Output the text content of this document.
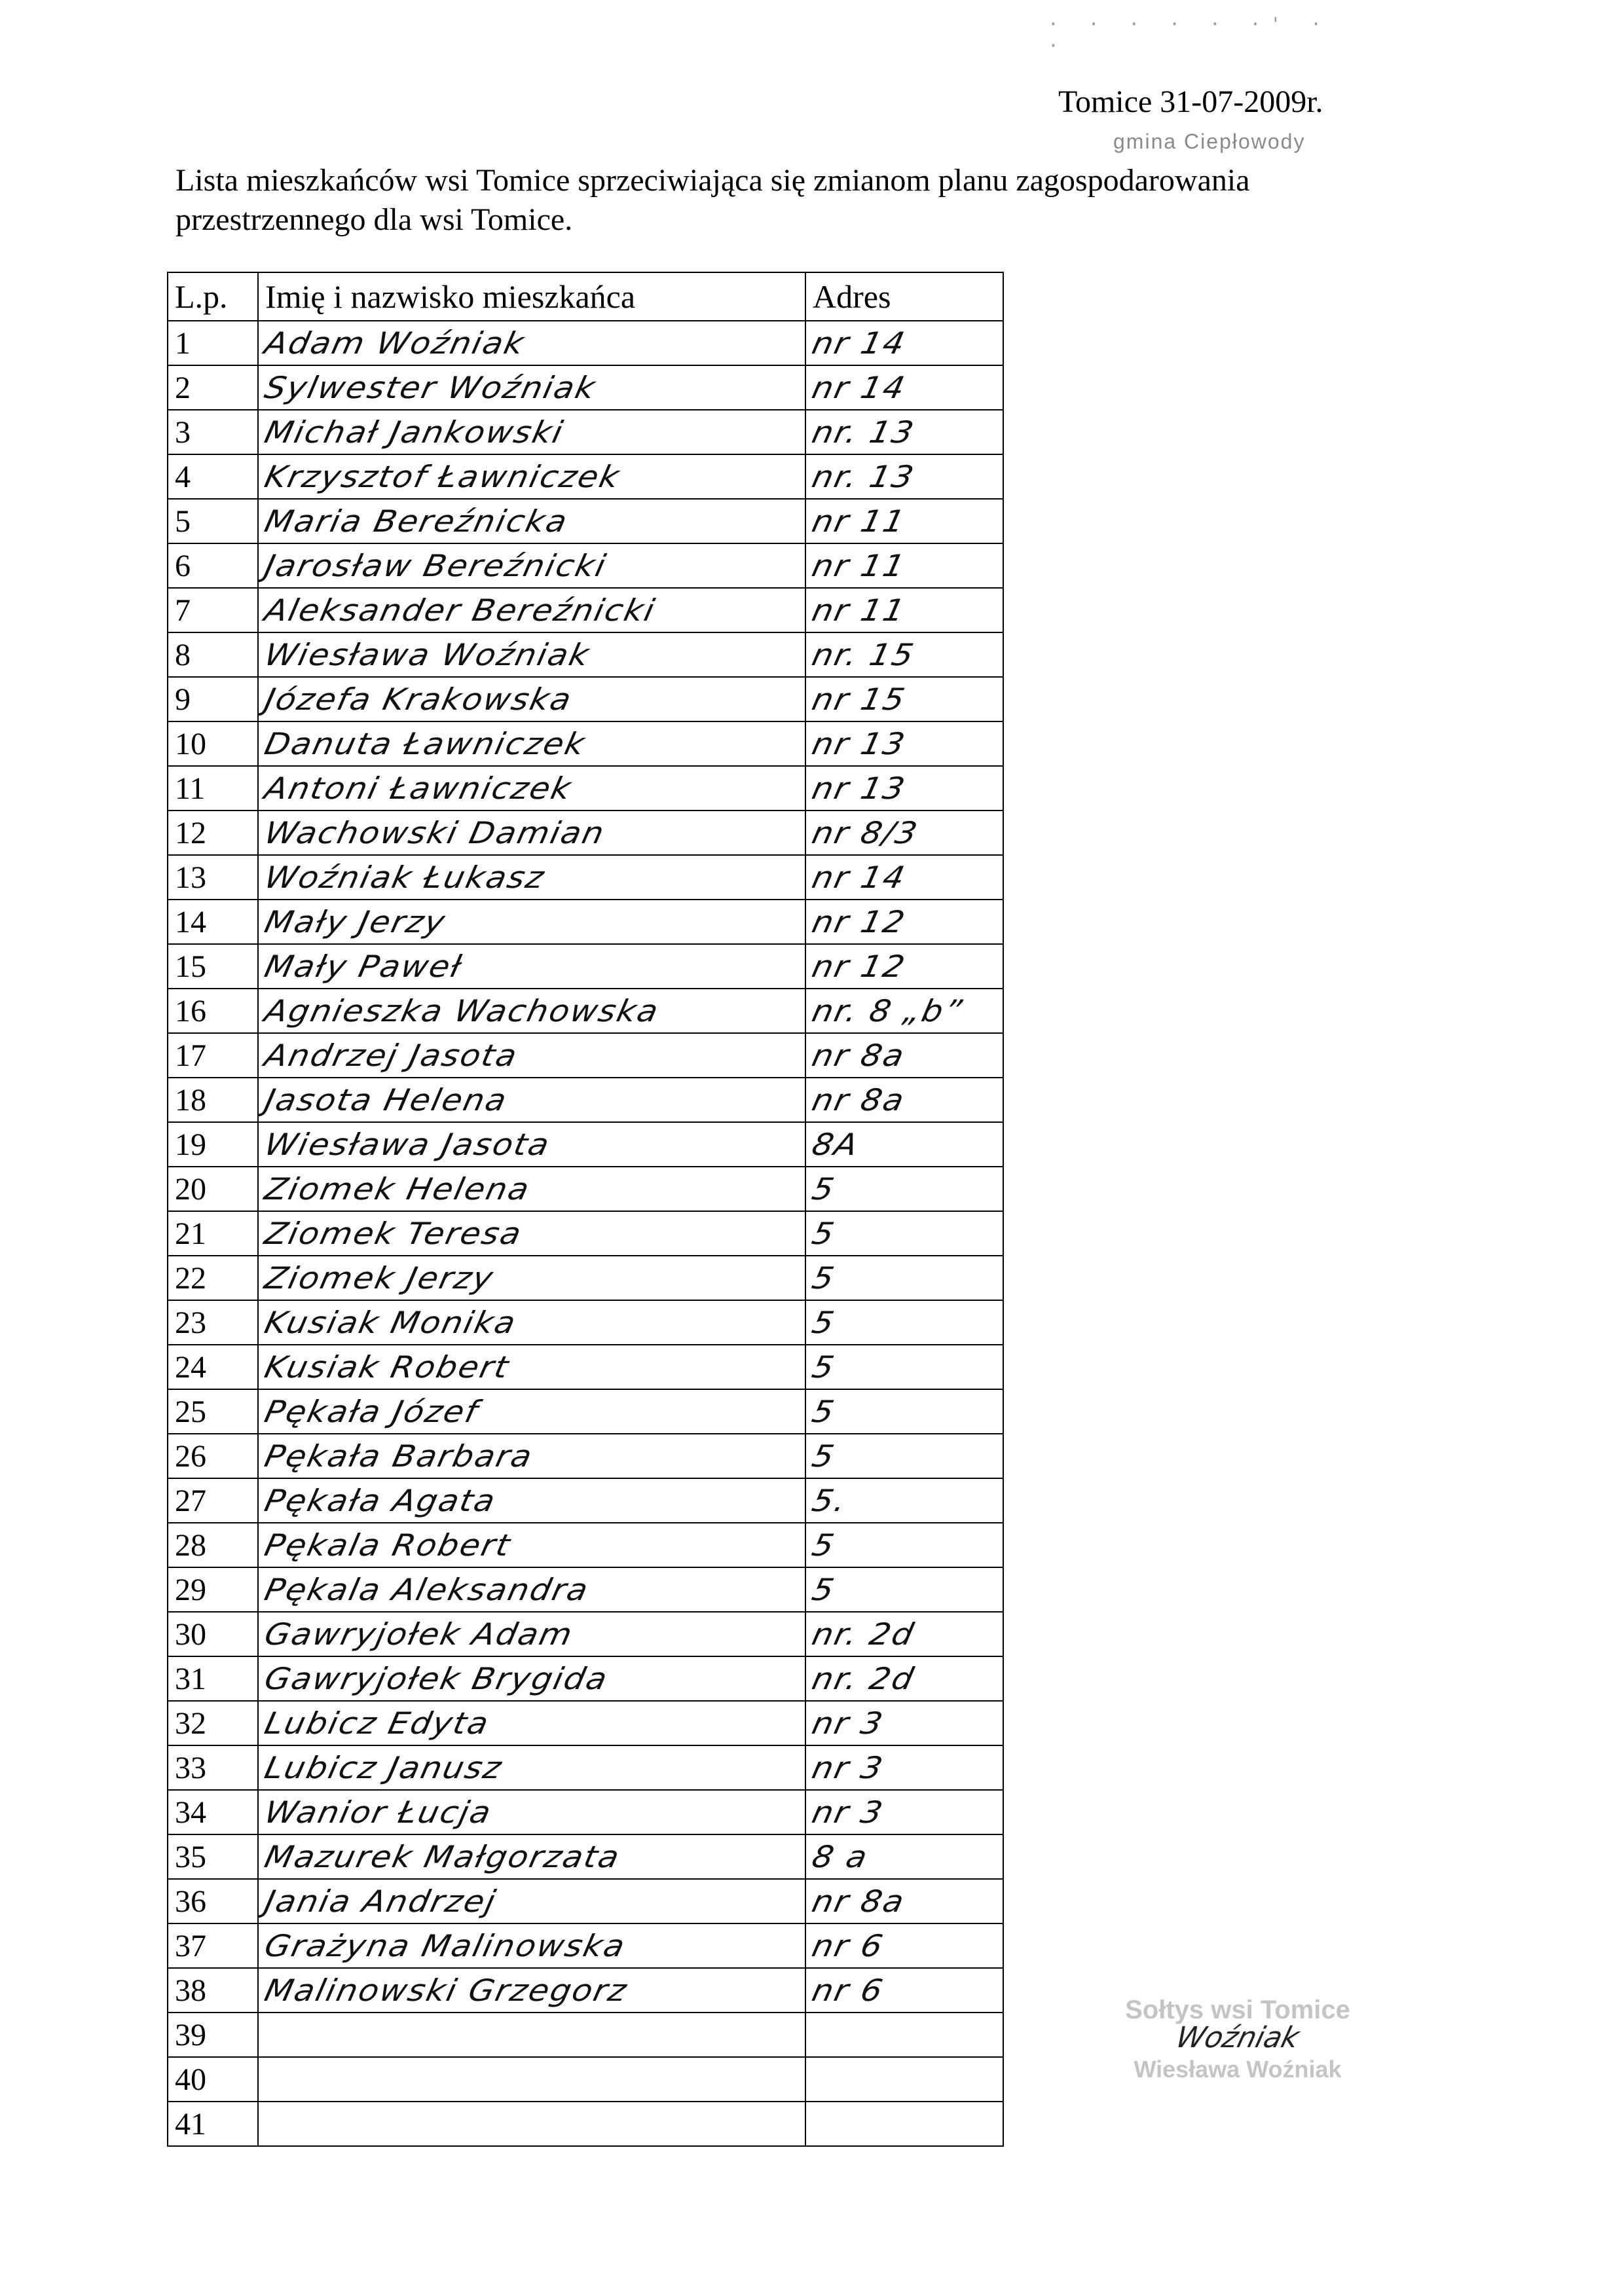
· · · · · ·' · ·
Tomice 31-07-2009r.
gmina Ciepłowody
Lista mieszkańców wsi Tomice sprzeciwiająca się zmianom planu zagospodarowania przestrzennego dla wsi Tomice.
L.p.	Imię i nazwisko mieszkańca	Adres
1	Adam Woźniak	nr 14
2	Sylwester Woźniak	nr 14
3	Michał Jankowski	nr. 13
4	Krzysztof Ławniczek	nr. 13
5	Maria Bereźnicka	nr 11
6	Jarosław Bereźnicki	nr 11
7	Aleksander Bereźnicki	nr 11
8	Wiesława Woźniak	nr. 15
9	Józefa Krakowska	nr 15
10	Danuta Ławniczek	nr 13
11	Antoni Ławniczek	nr 13
12	Wachowski Damian	nr 8/3
13	Woźniak Łukasz	nr 14
14	Mały Jerzy	nr 12
15	Mały Paweł	nr 12
16	Agnieszka Wachowska	nr. 8 „b”
17	Andrzej Jasota	nr 8a
18	Jasota Helena	nr 8a
19	Wiesława Jasota	8A
20	Ziomek Helena	5
21	Ziomek Teresa	5
22	Ziomek Jerzy	5
23	Kusiak Monika	5
24	Kusiak Robert	5
25	Pękała Józef	5
26	Pękała Barbara	5
27	Pękała Agata	5.
28	Pękala Robert	5
29	Pękala Aleksandra	5
30	Gawryjołek Adam	nr. 2d
31	Gawryjołek Brygida	nr. 2d
32	Lubicz Edyta	nr 3
33	Lubicz Janusz	nr 3
34	Wanior Łucja	nr 3
35	Mazurek Małgorzata	8 a
36	Jania Andrzej	nr 8a
37	Grażyna Malinowska	nr 6
38	Malinowski Grzegorz	nr 6
39		
40		
41		
Sołtys wsi Tomice
Woźniak
Wiesława Woźniak
